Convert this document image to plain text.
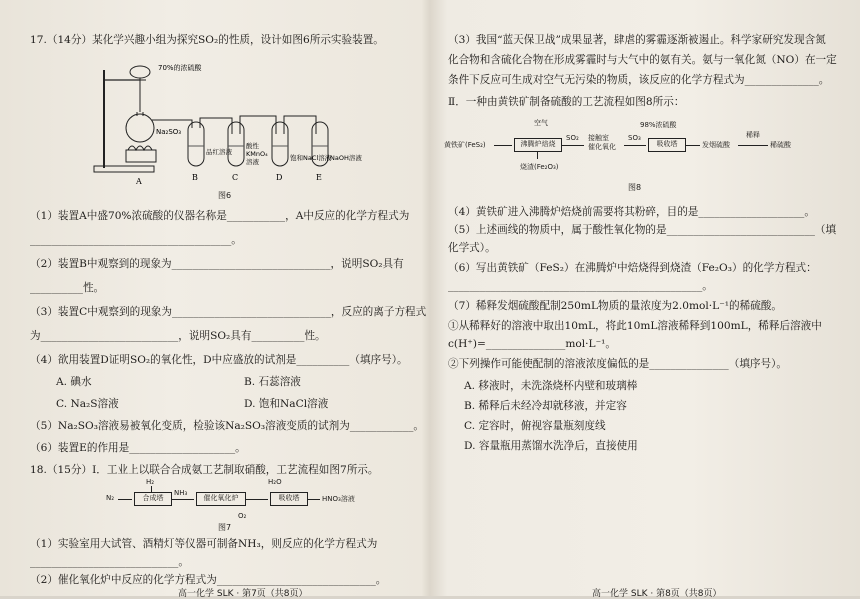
17.（14分）某化学兴趣小组为探究SO₂的性质，设计如图6所示实验装置。
70%的浓硫酸
Na₂SO₃
品红溶液
酸性
KMnO₄
溶液	饱和NaCl溶液
NaOH溶液
A	B	C	D	E
图6
（1）装置A中盛70%浓硫酸的仪器名称是___________，A中反应的化学方程式为
______________________________________。
（2）装置B中观察到的现象为______________________________，说明SO₂具有
__________性。
（3）装置C中观察到的现象为______________________________，反应的离子方程式
为__________________________，说明SO₂具有__________性。
（4）欲用装置D证明SO₂的氧化性，D中应盛放的试剂是__________（填序号）。
A. 碘水	B. 石蕊溶液
C. Na₂S溶液	D. 饱和NaCl溶液
（5）Na₂SO₃溶液易被氧化变质，检验该Na₂SO₃溶液变质的试剂为____________。
（6）装置E的作用是____________________。
18.（15分）Ⅰ．工业上以联合合成氨工艺制取硝酸，工艺流程如图7所示。
N₂	合成塔
H₂
NH₃
催化氧化炉
H₂O
吸收塔	HNO₃溶液
O₂
图7
（1）实验室用大试管、酒精灯等仪器可制备NH₃，则反应的化学方程式为
____________________________。
（2）催化氧化炉中反应的化学方程式为______________________________。
高一化学 SLK · 第7页（共8页）
（3）我国“蓝天保卫战”成果显著，肆虐的雾霾逐渐被遏止。科学家研究发现含氮
化合物和含硫化合物在形成雾霾时与大气中的氨有关。氨与一氧化氮（NO）在一定
条件下反应可生成对空气无污染的物质，该反应的化学方程式为______________。
Ⅱ．一种由黄铁矿制备硫酸的工艺流程如图8所示：
空气	98%浓硫酸
黄铁矿(FeS₂)	沸腾炉焙烧
SO₂ 接触室
催化氧化
SO₃
吸收塔	发烟硫酸
稀释
稀硫酸
烧渣(Fe₂O₃)
图8
（4）黄铁矿进入沸腾炉焙烧前需要将其粉碎，目的是____________________。
（5）上述画线的物质中，属于酸性氧化物的是____________________________（填
化学式）。
（6）写出黄铁矿（FeS₂）在沸腾炉中焙烧得到烧渣（Fe₂O₃）的化学方程式：
________________________________________________。
（7）稀释发烟硫酸配制250mL物质的量浓度为2.0mol·L⁻¹的稀硫酸。
①从稀释好的溶液中取出10mL，将此10mL溶液稀释到100mL，稀释后溶液中
c(H⁺)=_______________mol·L⁻¹。
②下列操作可能使配制的溶液浓度偏低的是_______________（填序号）。
A. 移液时，未洗涤烧杯内壁和玻璃棒
B. 稀释后未经冷却就移液，并定容
C. 定容时，俯视容量瓶刻度线
D. 容量瓶用蒸馏水洗净后，直接使用
高一化学 SLK · 第8页（共8页）
